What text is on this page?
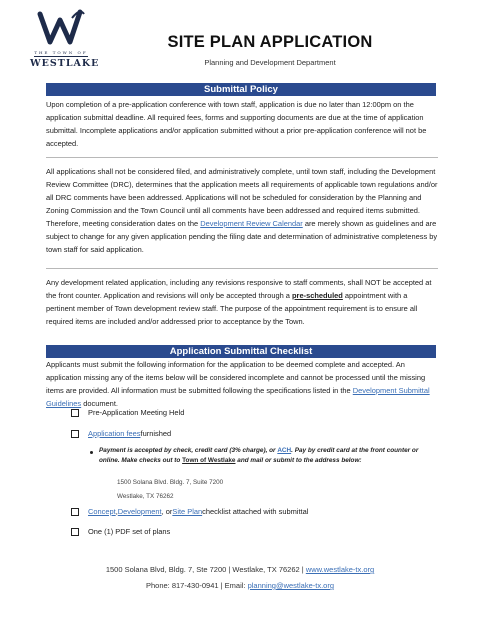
THE TOWN OF
WESTLAKE
SITE PLAN APPLICATION
Planning and Development Department
Submittal Policy
Upon completion of a pre-application conference with town staff, application is due no later than 12:00pm on the application submittal deadline. All required fees, forms and supporting documents are due at the time of application submittal. Incomplete applications and/or application submitted without a prior pre-application conference will not be accepted.
All applications shall not be considered filed, and administratively complete, until town staff, including the Development Review Committee (DRC), determines that the application meets all requirements of applicable town regulations and/or all DRC comments have been addressed. Applications will not be scheduled for consideration by the Planning and Zoning Commission and the Town Council until all comments have been addressed and required items submitted. Therefore, meeting consideration dates on the Development Review Calendar are merely shown as guidelines and are subject to change for any given application pending the filing date and determination of administrative completeness by town staff for said application.
Any development related application, including any revisions responsive to staff comments, shall NOT be accepted at the front counter. Application and revisions will only be accepted through a pre-scheduled appointment with a pertinent member of Town development review staff. The purpose of the appointment requirement is to ensure all required items are included and/or addressed prior to acceptance by the Town.
Application Submittal Checklist
Applicants must submit the following information for the application to be deemed complete and accepted. An application missing any of the items below will be considered incomplete and cannot be processed until the missing items are provided. All information must be submitted following the specifications listed in the Development Submittal Guidelines document.
Pre-Application Meeting Held
Application fees furnished
Payment is accepted by check, credit card (3% charge), or ACH. Pay by credit card at the front counter or online. Make checks out to Town of Westlake and mail or submit to the address below:
1500 Solana Blvd. Bldg. 7, Suite 7200
Westlake, TX 76262
Concept , Development , or Site Plan checklist attached with submittal
One (1) PDF set of plans
1500 Solana Blvd, Bldg. 7, Ste 7200 | Westlake, TX 76262 | www.westlake-tx.org
Phone: 817-430-0941 | Email: planning@westlake-tx.org
